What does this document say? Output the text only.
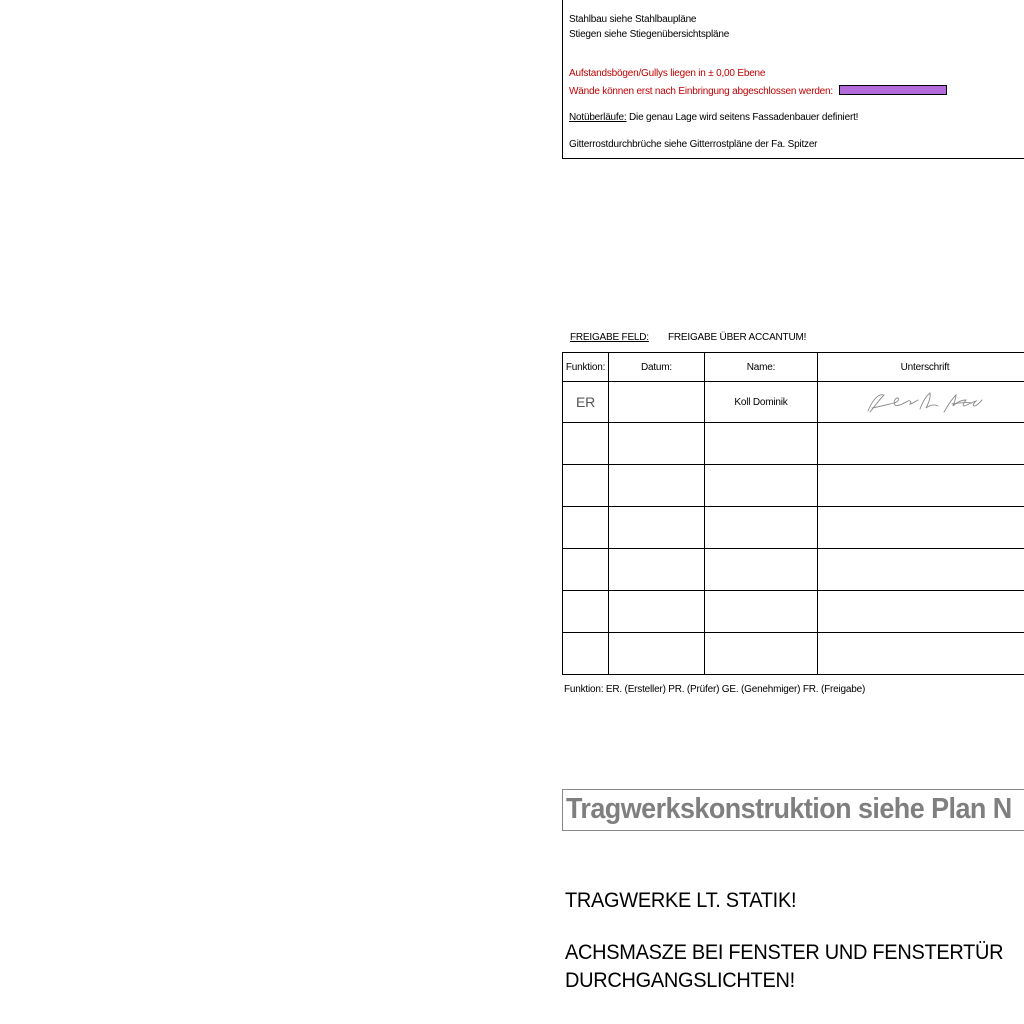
Stahlbau siehe Stahlbaupläne
Stiegen siehe Stiegenübersichtspläne
Aufstandsbögen/Gullys liegen in ± 0,00 Ebene
Wände können erst nach Einbringung abgeschlossen werden:
Notüberläufe: Die genau Lage wird seitens Fassadenbauer definiert!
Gitterrostdurchbrüche siehe Gitterrostpläne der Fa. Spitzer
FREIGABE FELD: FREIGABE ÜBER ACCANTUM!
Funktion:	Datum:	Name:	Unterschrift
ER		Koll Dominik	

Funktion: ER. (Ersteller) PR. (Prüfer) GE. (Genehmiger) FR. (Freigabe)
Tragwerkskonstruktion siehe Plan N
TRAGWERKE LT. STATIK!
ACHSMASZE BEI FENSTER UND FENSTERTÜR
DURCHGANGSLICHTEN!
